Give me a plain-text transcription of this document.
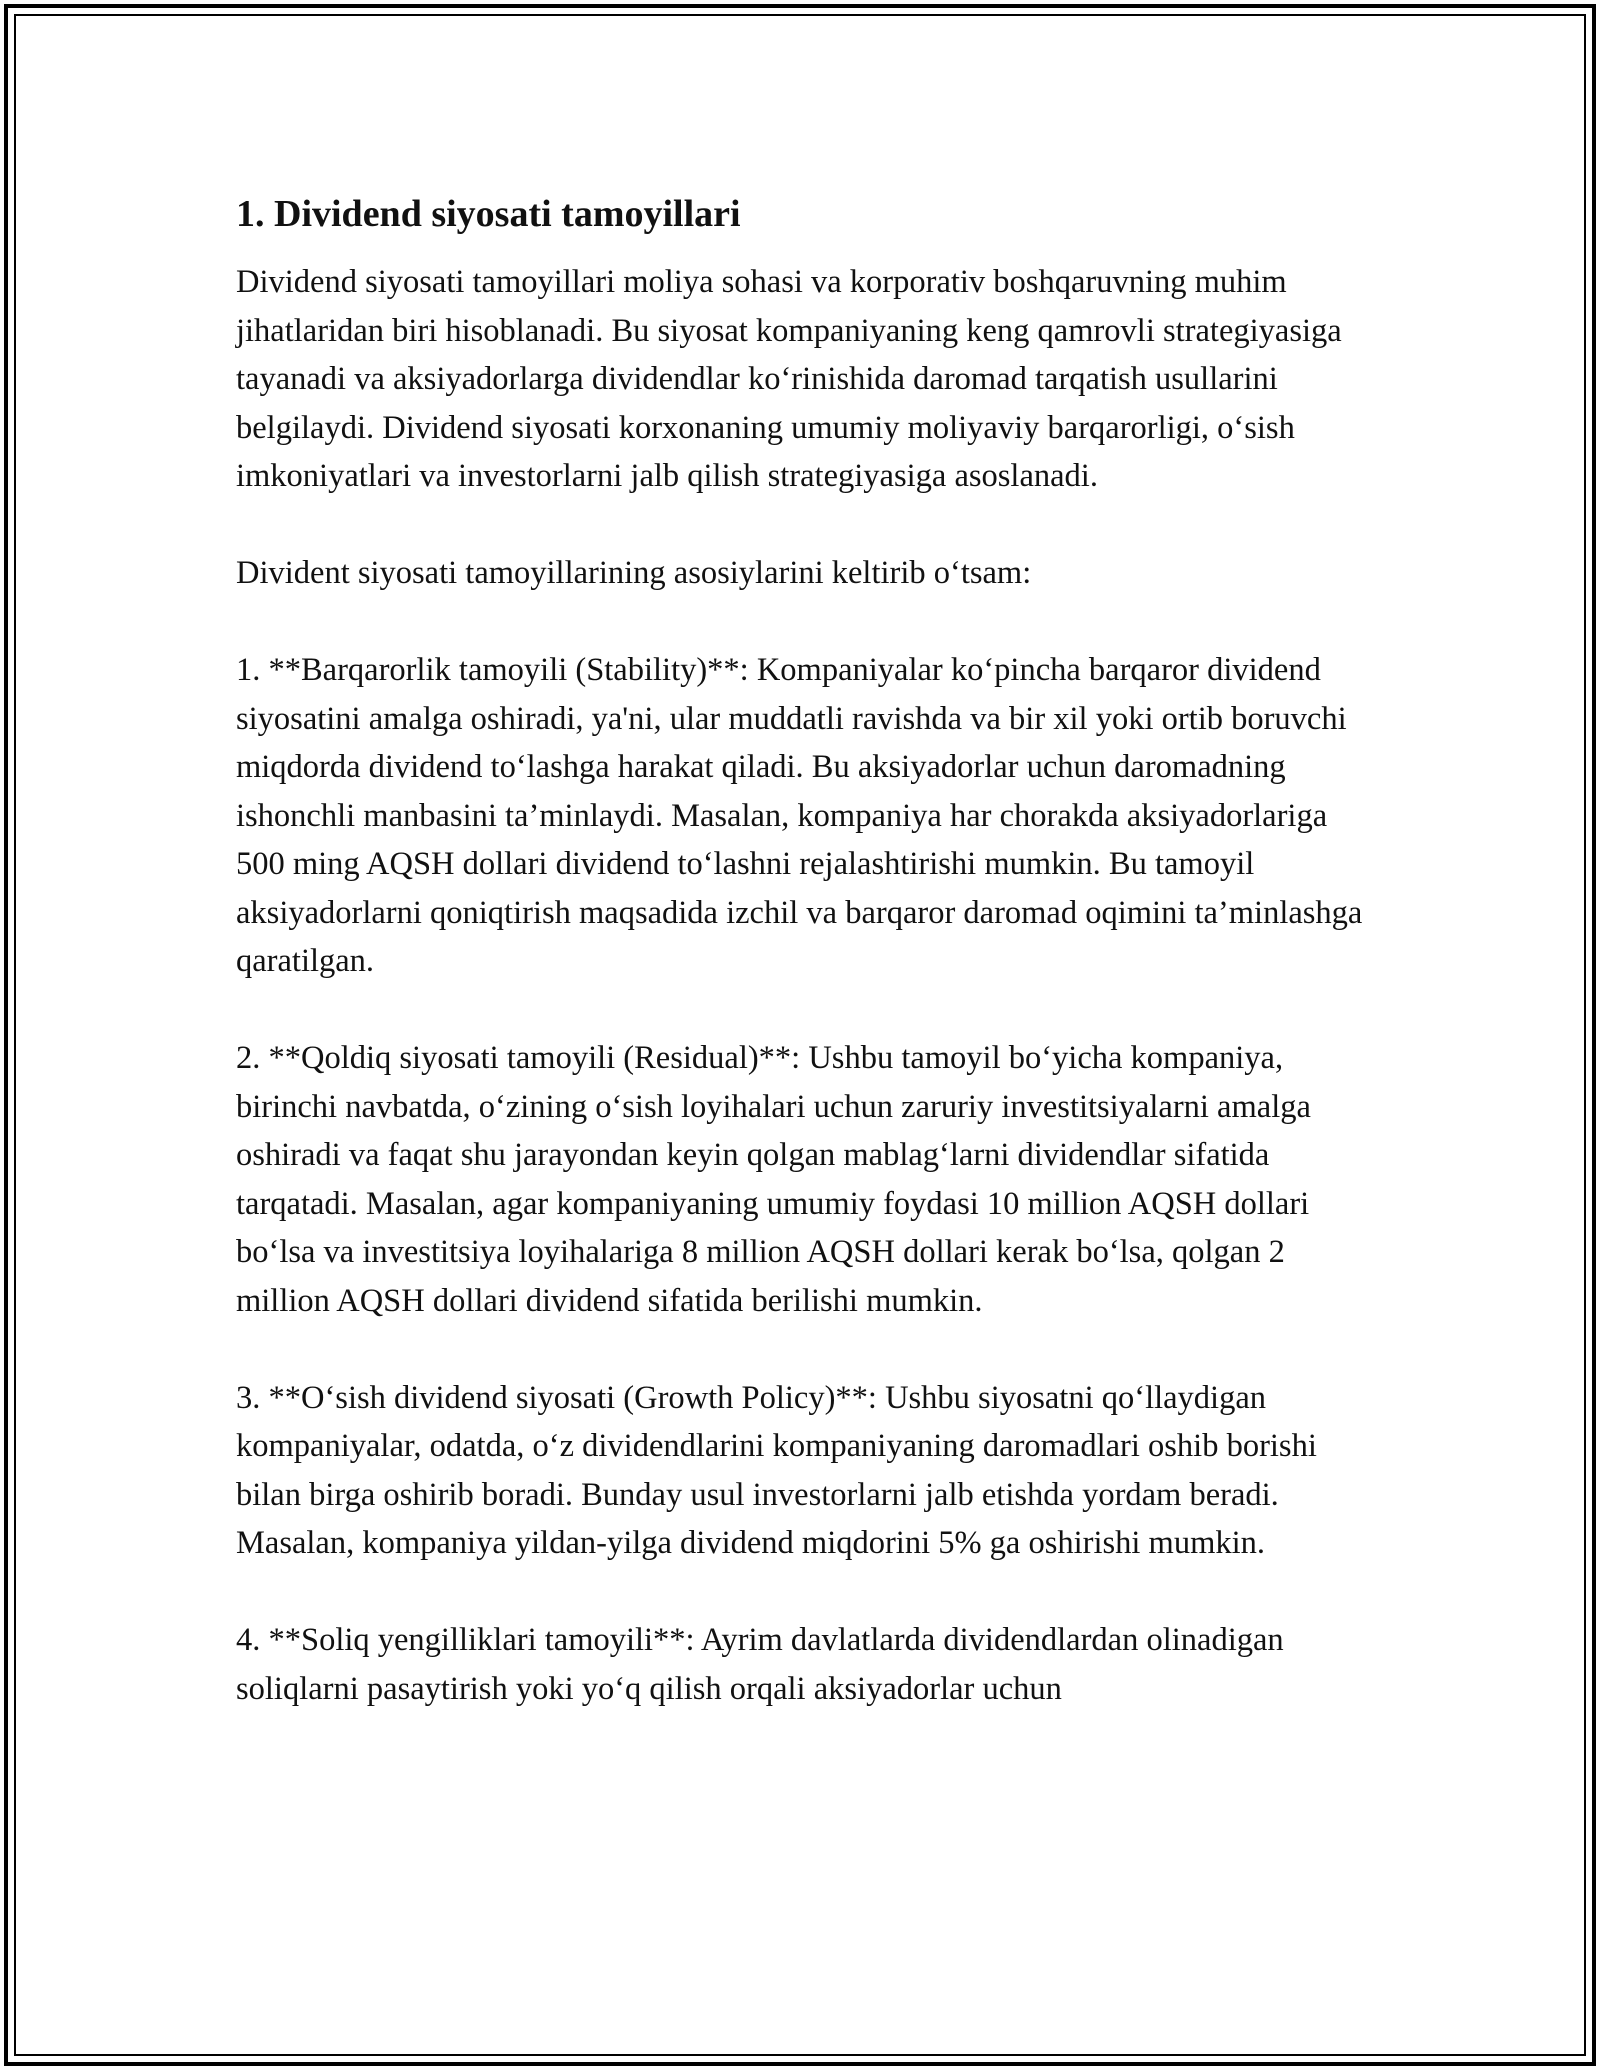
1. Dividend siyosati tamoyillari

Dividend siyosati tamoyillari moliya sohasi va korporativ boshqaruvning muhim jihatlaridan biri hisoblanadi. Bu siyosat kompaniyaning keng qamrovli strategiyasiga tayanadi va aksiyadorlarga dividendlar ko‘rinishida daromad tarqatish usullarini belgilaydi. Dividend siyosati korxonaning umumiy moliyaviy barqarorligi, o‘sish imkoniyatlari va investorlarni jalb qilish strategiyasiga asoslanadi.

Divident siyosati tamoyillarining asosiylarini keltirib o‘tsam:

1. **Barqarorlik tamoyili (Stability)**: Kompaniyalar ko‘pincha barqaror dividend siyosatini amalga oshiradi, ya'ni, ular muddatli ravishda va bir xil yoki ortib boruvchi miqdorda dividend to‘lashga harakat qiladi. Bu aksiyadorlar uchun daromadning ishonchli manbasini ta’minlaydi. Masalan, kompaniya har chorakda aksiyadorlariga 500 ming AQSH dollari dividend to‘lashni rejalashtirishi mumkin. Bu tamoyil aksiyadorlarni qoniqtirish maqsadida izchil va barqaror daromad oqimini ta’minlashga qaratilgan.

2. **Qoldiq siyosati tamoyili (Residual)**: Ushbu tamoyil bo‘yicha kompaniya, birinchi navbatda, o‘zining o‘sish loyihalari uchun zaruriy investitsiyalarni amalga oshiradi va faqat shu jarayondan keyin qolgan mablag‘larni dividendlar sifatida tarqatadi. Masalan, agar kompaniyaning umumiy foydasi 10 million AQSH dollari bo‘lsa va investitsiya loyihalariga 8 million AQSH dollari kerak bo‘lsa, qolgan 2 million AQSH dollari dividend sifatida berilishi mumkin.

3. **O‘sish dividend siyosati (Growth Policy)**: Ushbu siyosatni qo‘llaydigan kompaniyalar, odatda, o‘z dividendlarini kompaniyaning daromadlari oshib borishi bilan birga oshirib boradi. Bunday usul investorlarni jalb etishda yordam beradi. Masalan, kompaniya yildan-yilga dividend miqdorini 5% ga oshirishi mumkin.

4. **Soliq yengilliklari tamoyili**: Ayrim davlatlarda dividendlardan olinadigan soliqlarni pasaytirish yoki yo‘q qilish orqali aksiyadorlar uchun
